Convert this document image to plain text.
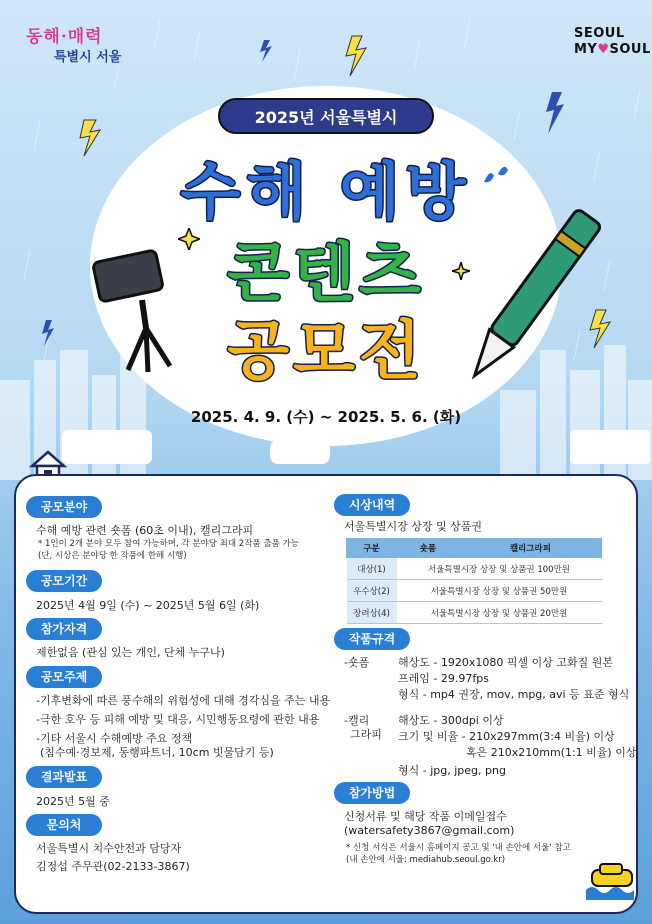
동해·매력
특별시 서울
SEOUL
MY♥SOUL
2025년 서울특별시
수해 예방
콘텐츠
공모전
2025. 4. 9. (수) ~ 2025. 5. 6. (화)
공모분야
수해 예방 관련 숏폼 (60초 이내), 캘리그라피
* 1인이 2개 분야 모두 참여 가능하며, 각 분야당 최대 2작품 출품 가능
(단, 시상은 분야당 한 작품에 한해 시행)
공모기간
2025년 4월 9일 (수) ~ 2025년 5월 6일 (화)
참가자격
제한없음 (관심 있는 개인, 단체 누구나)
공모주제
-기후변화에 따른 풍수해의 위험성에 대해 경각심을 주는 내용
-극한 호우 등 피해 예방 및 대응, 시민행동요령에 관한 내용
-기타 서울시 수해예방 주요 정책
(침수예·경보제, 동행파트너, 10cm 빗물담기 등)
결과발표
2025년 5월 중
문의처
서울특별시 치수안전과 담당자
김정섭 주무관(02-2133-3867)
시상내역
서울특별시장 상장 및 상품권
구분	숏폼	캘리그라피
대상(1)	서울특별시장 상장 및 상품권 100만원	
우수상(2)	서울특별시장 상장 및 상품권 50만원	
장려상(4)	서울특별시장 상장 및 상품권 20만원	
작품규격
-숏폼	해상도 - 1920x1080 픽셀 이상 고화질 원본
프레임 - 29.97fps
형식 - mp4 권장, mov, mpg, avi 등 표준 형식
-캘리
그라피
해상도 - 300dpi 이상
크기 및 비율 - 210x297mm(3:4 비율) 이상
혹은 210x210mm(1:1 비율) 이상
형식 - jpg, jpeg, png
참가방법
신청서류 및 해당 작품 이메일접수
(watersafety3867@gmail.com)
* 신청 서식은 서울시 홈페이지 공고 및 '내 손안에 서울' 참고
(내 손안에 서울: mediahub.seoul.go.kr)
